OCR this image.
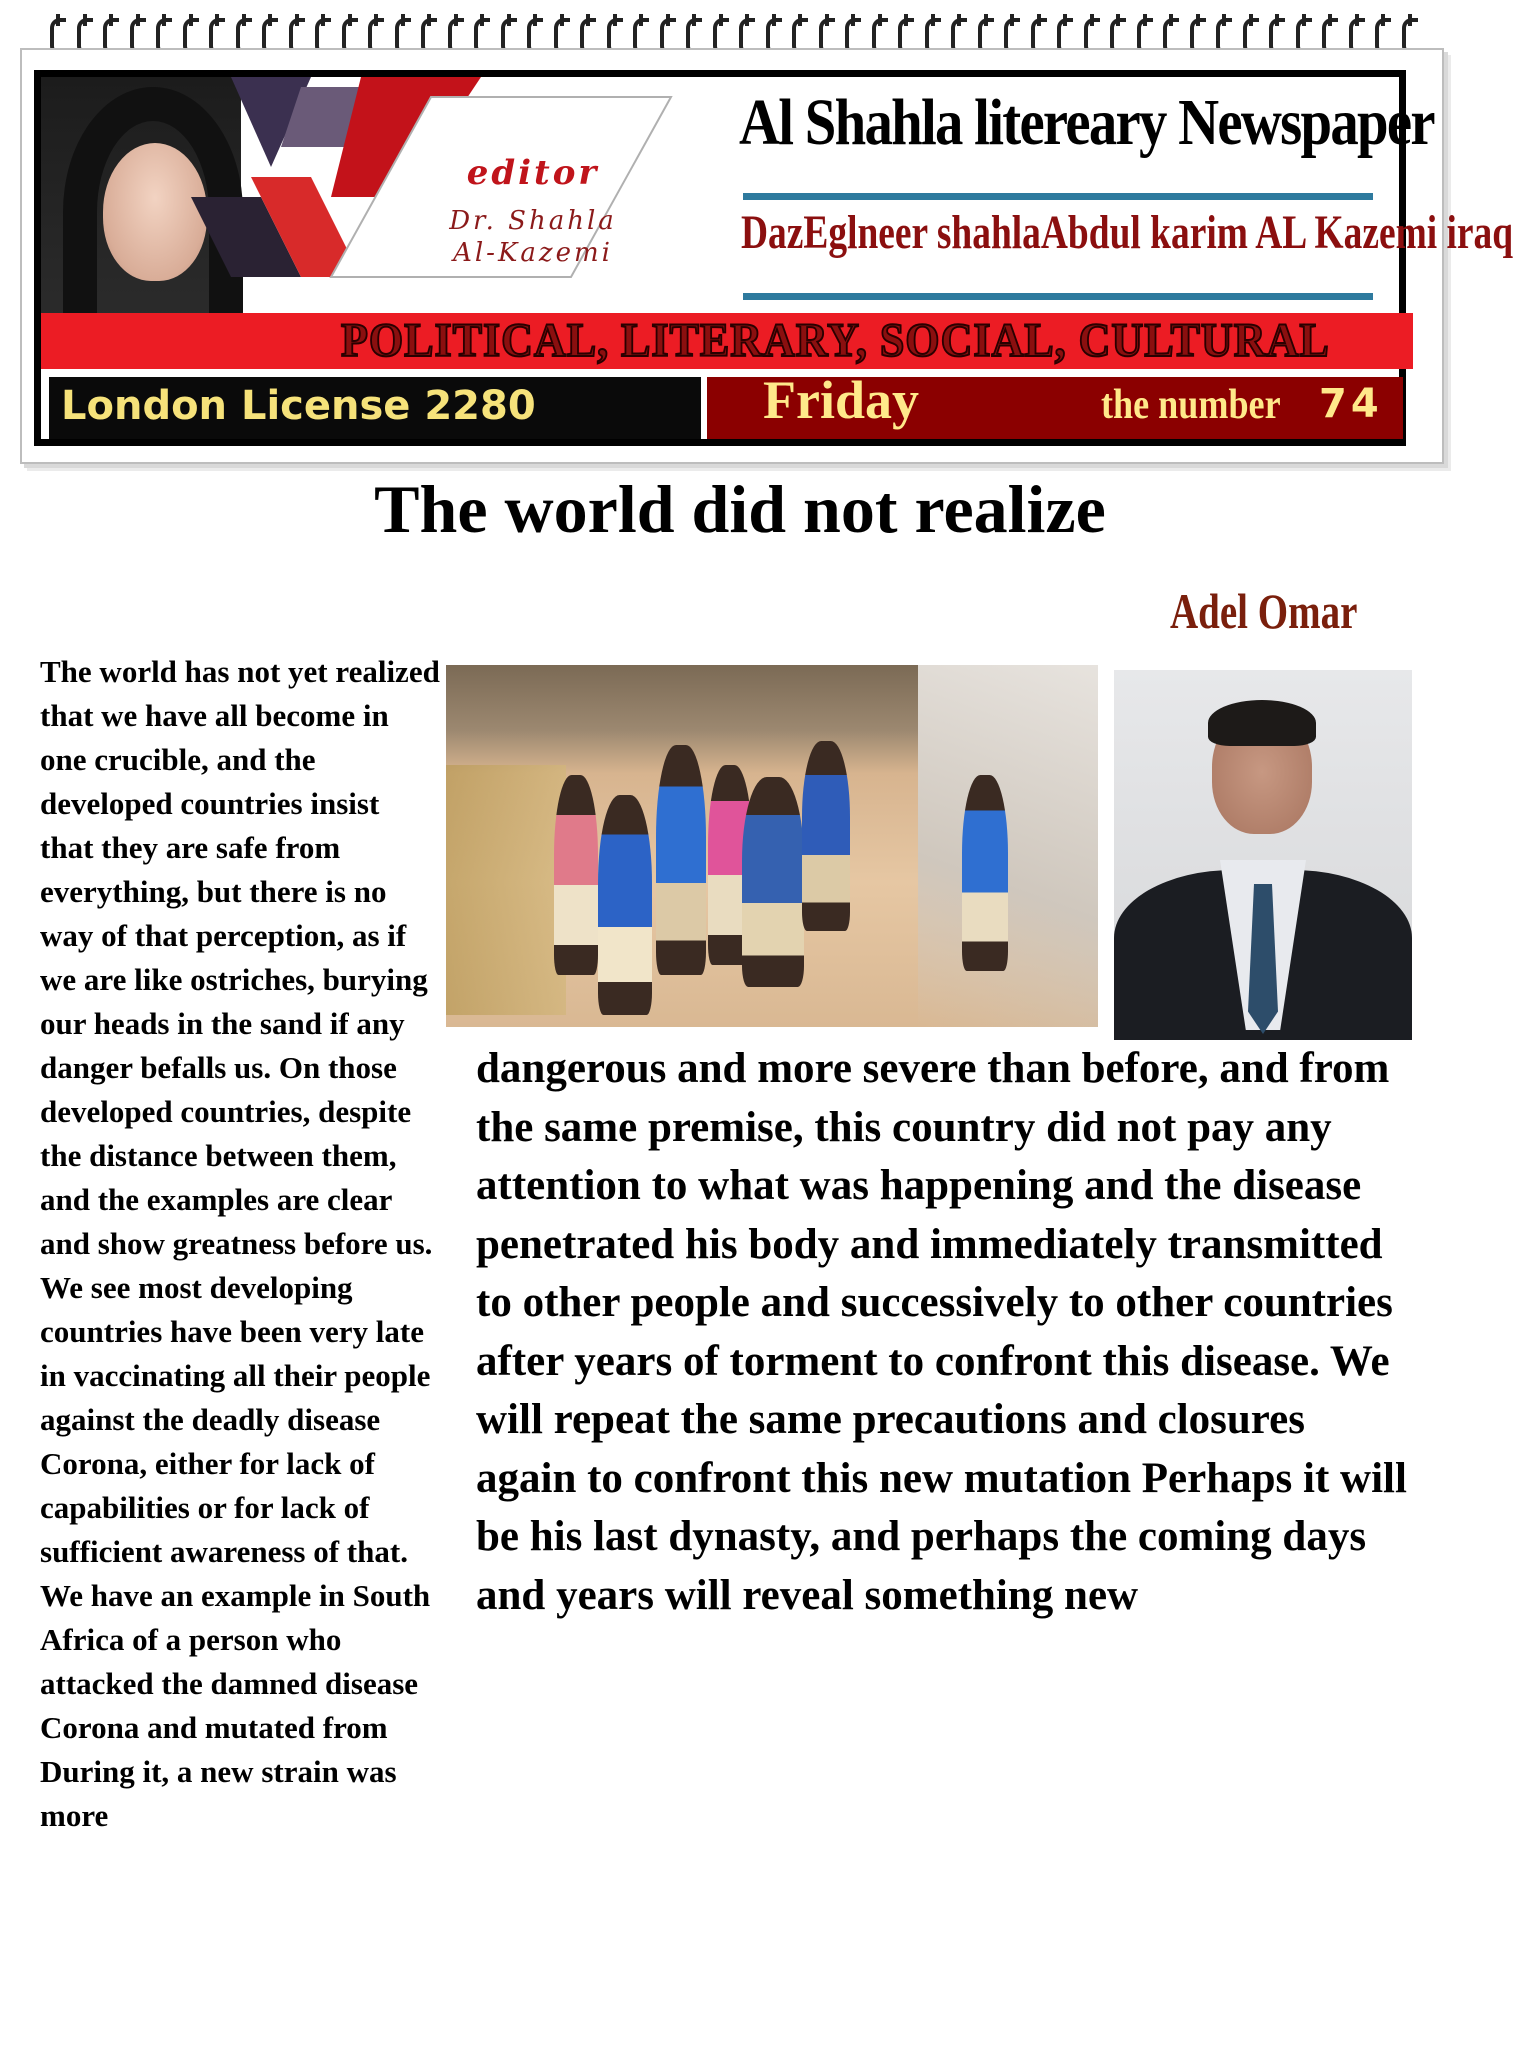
editor
Dr. Shahla
Al-Kazemi
Al Shahla litereary Newspaper
DazEglneer shahlaAbdul karim AL Kazemi iraq
POLITICAL, LITERARY, SOCIAL, CULTURAL
London License 2280	Friday	the number 74
The world did not realize
Adel Omar
The world has not yet realized that we have all become in one crucible, and the developed countries insist that they are safe from everything, but there is no way of that perception, as if we are like ostriches, burying our heads in the sand if any danger befalls us. On those developed countries, despite the distance between them, and the examples are clear and show greatness before us. We see most developing countries have been very late in vaccinating all their people against the deadly disease Corona, either for lack of capabilities or for lack of sufficient awareness of that. We have an example in South Africa of a person who attacked the damned disease Corona and mutated from During it, a new strain was more
dangerous and more severe than before, and from the same premise, this country did not pay any attention to what was happening and the disease penetrated his body and immediately transmitted to other people and successively to other countries after years of torment to confront this disease. We will repeat the same precautions and closures again to confront this new mutation Perhaps it will be his last dynasty, and perhaps the coming days and years will reveal something new
